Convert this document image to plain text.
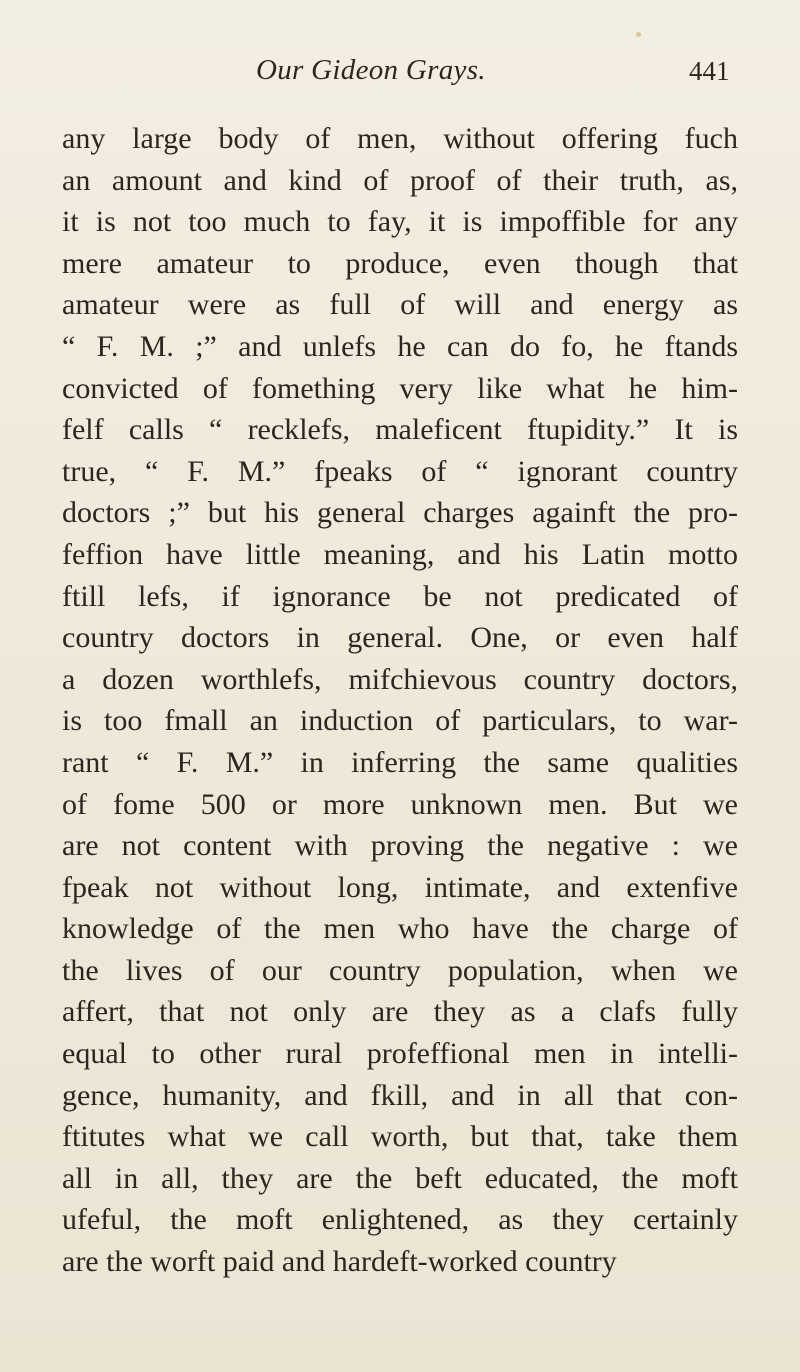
Our Gideon Grays.	441
any large body of men, without offering fuch
an amount and kind of proof of their truth, as,
it is not too much to fay, it is impoffible for any
mere amateur to produce, even though that
amateur were as full of will and energy as
“ F. M. ;” and unlefs he can do fo, he ftands
convicted of fomething very like what he him-
felf calls “ recklefs, maleficent ftupidity.” It is
true, “ F. M.” fpeaks of “ ignorant country
doctors ;” but his general charges againft the pro-
feffion have little meaning, and his Latin motto
ftill lefs, if ignorance be not predicated of
country doctors in general. One, or even half
a dozen worthlefs, mifchievous country doctors,
is too fmall an induction of particulars, to war-
rant “ F. M.” in inferring the same qualities
of fome 500 or more unknown men. But we
are not content with proving the negative : we
fpeak not without long, intimate, and extenfive
knowledge of the men who have the charge of
the lives of our country population, when we
affert, that not only are they as a clafs fully
equal to other rural profeffional men in intelli-
gence, humanity, and fkill, and in all that con-
ftitutes what we call worth, but that, take them
all in all, they are the beft educated, the moft
ufeful, the moft enlightened, as they certainly
are the worft paid and hardeft-worked country
